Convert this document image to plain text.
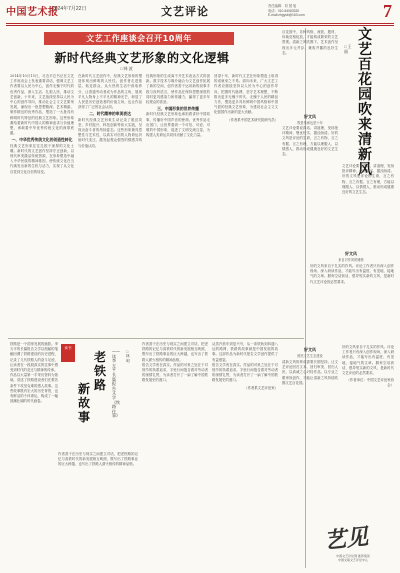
中国艺术报
2024年7月22日	文艺评论	责任编辑：刘 国 旭
电话：010-84083330
E-mail:zhgysb@163.com	7
文艺工作座谈会召开10周年
新时代经典文艺形象的文化逻辑
□ 韩 波
2014年10月15日，习近平总书记在文艺工作座谈会上发表重要讲话，强调文艺工作者要以人民为中心，创作无愧于时代的优秀作品，深入生活、扎根人民，推动文艺创新。十年来，文艺战线坚持以人民为中心的创作导向，推动社会主义文艺繁荣发展，涌现出一批思想精深、艺术精湛、制作精良的优秀作品，塑造了一大批具有鲜明时代特征的经典文艺形象。这些形象凝结着新时代中国人的精神追求与价值理想，承载着中华优秀传统文化的深厚底蕴。
一、中华优秀传统文化的创造性转化
经典文艺形象往往扎根于深厚的文化土壤。新时代的文艺创作坚持守正创新，以现代审美激活传统资源，在形象塑造中融入中华民族的精神基因，使传统文化在当代焕发出新的生机与活力，实现了从文化自觉到文化自信的转变。
在新时代文艺创作中，经典文艺形象的塑造体现出鲜明的人民性。创作者走进基层、贴近群众，从火热的生活中汲取养分，让普通劳动者成为作品的主角，展现平凡人物身上不平凡的精神光芒，彰显了人民是历史创造者的价值立场，也让作品获得了广泛的社会认同。
二、时代精神的审美表达
新时代经典文艺形象生动记录了脱贫攻坚、乡村振兴、科技创新等伟大实践，呈现出奋斗者的昂扬姿态。这些形象兼具思想性与艺术性，以真实可信的人物命运折射时代变迁，激发起观众强烈的情感共鸣与价值认同。
经典形象的生成离不开艺术表达方式的创新。数字技术与媒介融合为文艺创作拓展了新的空间，创作者善于运用新的叙事手段与视听语言，使作品在保持思想深度的同时更具感染力和传播力，赢得了更多年轻观众的喜爱。
三、中国形象的世界传播
新时代经典文艺形象也承担着讲好中国故事、传播好中国声音的使命。优秀作品走出国门，让世界看到一个可信、可爱、可敬的中国形象，促进了文明交流互鉴，为构建人类命运共同体贡献了文化力量。
回望十年，新时代文艺在形象塑造上取得的成就来之不易。面向未来，广大文艺工作者应继续坚持以人民为中心的创作导向，把握时代脉搏，坚守艺术理想，不断推出更多无愧于时代、无愧于人民的精品力作，塑造更多具有鲜明中国风格和中国气派的经典文艺形象，为建设社会主义文化强国作出新的更大贡献。
（作者系中国艺术研究院研究员）
百花园中，各种风格、流派、题材、体裁竞相绽放，才能构成繁荣的文艺景观。清新之风吹拂下，艺术创作呈现出多元并存、兼收并蓄的良好生态。
文艺百花园吹来清新风
□ 王 丽
好文风
既是传承也是十年
文艺评论要说真话、讲道理，发扬批评精神，褒优贬劣、激浊扬清。好的文风是评论的生命，言之有物、言之有据、言之有理，方能以理服人、以情感人，推动形成健康良好的文艺生态。
文艺评论要说真话、讲道理，发扬批评精神，褒优贬劣、激浊扬清。好的文风是评论的生命，言之有物、言之有据、言之有理，方能以理服人、以情感人，推动形成健康良好的文艺生态。
好文风
来自对作风的锤炼
好的文风来自于扎实的作风。评论工作者只有深入创作现场、深入研读作品，才能写出有温度、有见地、接地气的文章。摒弃空话套话，倡导短实新的文风，是新时代文艺评论的必然要求。
好文风
照亮文艺生态建设
清新文风的养成需要长期坚持。让文艺评论回归文本、回归审美、回归人民，以真诚之心对待作品，以专业之眼审视创作，才能让清新之风持续吹拂文艺百花园。
好的文风来自于扎实的作风。评论工作者只有深入创作现场、深入研读作品，才能写出有温度、有见地、接地气的文章。摒弃空话套话，倡导短实新的文风，是新时代文艺评论的必然要求。
（作者单位：中国文艺评论家协会）
铁路是一个国家发展的缩影。李万平的长篇报告文学以细腻的笔触回溯了铁路建设的历史进程，记录了几代铁路人的奋斗足迹，让读者在一段段真实的往事中感受到时代的变迁与精神的传承。
作品以大量第一手采访资料为基础，讲述了铁路建设者们在艰苦条件下攻坚克难的感人故事。这些故事既有宏大的历史背景，也有鲜活的个体命运，构成了一幅波澜壮阔的时代画卷。
读书
老铁路
新故事
——读李万平长篇报告文学《铁路往事》
□ 林 明
作者善于在历史与现实之间建立对话，把老铁路的记忆与高铁时代的新发展相互映照，既写出了铁路事业的巨大跨越，也写出了铁路人薪火相传的精神品格。
作者善于在历史与现实之间建立对话，把老铁路的记忆与高铁时代的新发展相互映照，既写出了铁路事业的巨大跨越，也写出了铁路人薪火相传的精神品格。
报告文学贵在真实。作品的可贵之处在于对细节的执着追求，字里行间饱含着对劳动者的深情礼赞，为读者打开了一扇了解中国铁路发展史的窗口。
从蒸汽机车到复兴号，从一条铁轨到四通八达的路网，铁路的故事就是中国发展的故事。这部作品为新时代报告文学创作提供了有益借鉴。
报告文学贵在真实。作品的可贵之处在于对细节的执着追求，字里行间饱含着对劳动者的深情礼赞，为读者打开了一扇了解中国铁路发展史的窗口。
（作者系文艺评论家）
艺见
中国文艺评论网 推荐阅读
中国文联文艺评论中心
